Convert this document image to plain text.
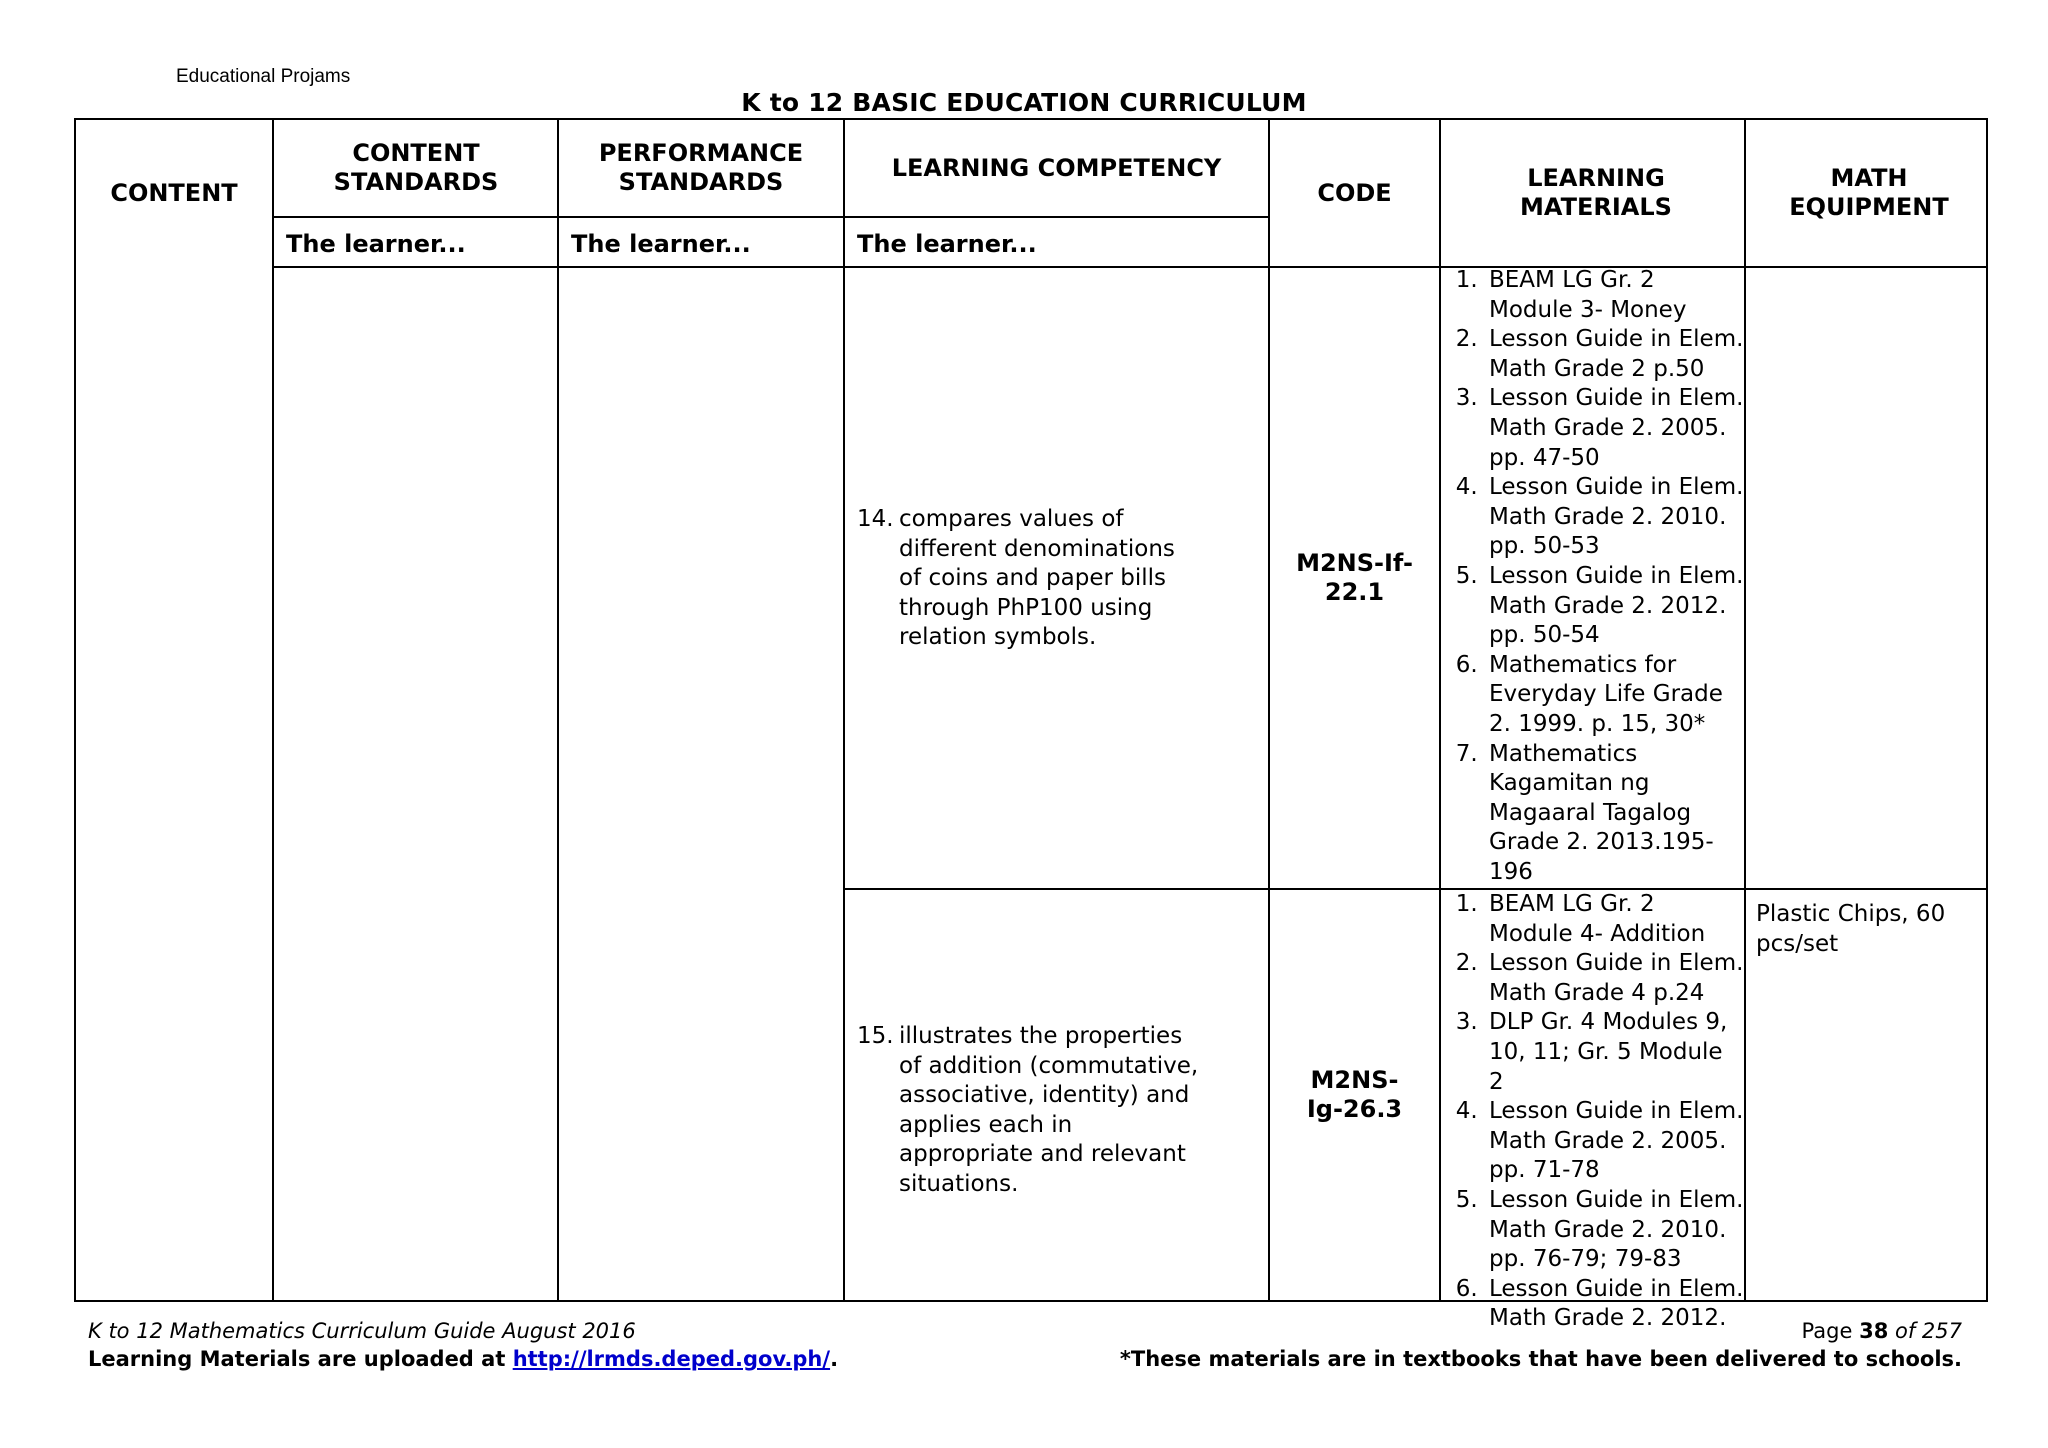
Educational Projams
K to 12 BASIC EDUCATION CURRICULUM
CONTENT
CONTENT STANDARDS
PERFORMANCE STANDARDS
LEARNING COMPETENCY
CODE
LEARNING MATERIALS
MATH EQUIPMENT
The learner...	The learner...	The learner...
14. compares values of different denominations of coins and paper bills through PhP100 using relation symbols.
M2NS-If-22.1
1. BEAM LG Gr. 2 Module 3- Money
2. Lesson Guide in Elem. Math Grade 2 p.50
3. Lesson Guide in Elem. Math Grade 2. 2005. pp. 47-50
4. Lesson Guide in Elem. Math Grade 2. 2010. pp. 50-53
5. Lesson Guide in Elem. Math Grade 2. 2012. pp. 50-54
6. Mathematics for Everyday Life Grade 2. 1999. p. 15, 30*
7. Mathematics Kagamitan ng Magaaral Tagalog Grade 2. 2013.195-196
15. illustrates the properties of addition (commutative, associative, identity) and applies each in appropriate and relevant situations.
M2NS-Ig-26.3
1. BEAM LG Gr. 2 Module 4- Addition
2. Lesson Guide in Elem. Math Grade 4 p.24
3. DLP Gr. 4 Modules 9, 10, 11; Gr. 5 Module 2
4. Lesson Guide in Elem. Math Grade 2. 2005. pp. 71-78
5. Lesson Guide in Elem. Math Grade 2. 2010. pp. 76-79; 79-83
6. Lesson Guide in Elem. Math Grade 2. 2012.
Plastic Chips, 60 pcs/set
K to 12 Mathematics Curriculum Guide August 2016
Learning Materials are uploaded at http://lrmds.deped.gov.ph/.
Page 38 of 257
*These materials are in textbooks that have been delivered to schools.
